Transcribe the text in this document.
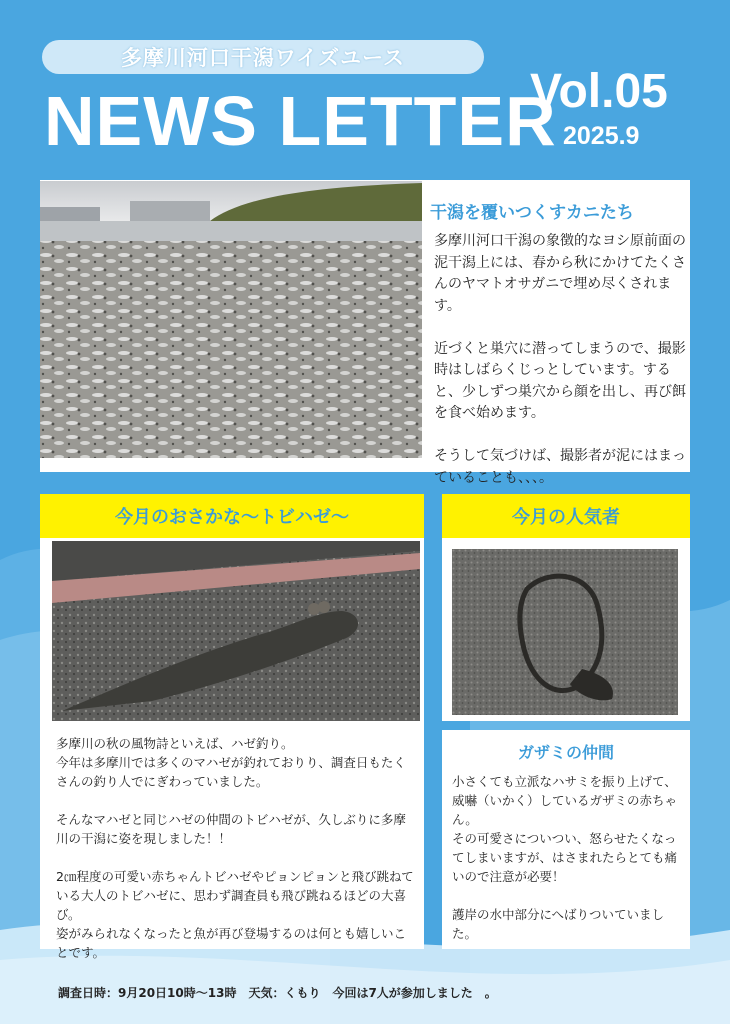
多摩川河口干潟ワイズユース
NEWS LETTER
Vol.05
2025.9
干潟を覆いつくすカニたち
多摩川河口干潟の象徴的なヨシ原前面の泥干潟上には、春から秋にかけてたくさんのヤマトオサガニで埋め尽くされます。

近づくと巣穴に潜ってしまうので、撮影時はしばらくじっとしています。すると、少しずつ巣穴から顔を出し、再び餌を食べ始めます。

そうして気づけば、撮影者が泥にはまっていることも、、、。
今月のおさかな～トビハゼ～
多摩川の秋の風物詩といえば、ハゼ釣り。
今年は多摩川では多くのマハゼが釣れておりり、調査日もたくさんの釣り人でにぎわっていました。

そんなマハゼと同じハゼの仲間のトビハゼが、久しぶりに多摩川の干潟に姿を現しました！！

2㎝程度の可愛い赤ちゃんトビハゼやピョンピョンと飛び跳ねている大人のトビハゼに、思わず調査員も飛び跳ねるほどの大喜び。
姿がみられなくなったと魚が再び登場するのは何とも嬉しいことです。
今月の人気者
ガザミの仲間
小さくても立派なハサミを振り上げて、威嚇（いかく）しているガザミの赤ちゃん。
その可愛さについつい、怒らせたくなってしまいますが、はさまれたらとても痛いので注意が必要！

護岸の水中部分にへばりついていました。
調査日時：9月20日10時～13時　天気：くもり　今回は7人が参加しました　。
